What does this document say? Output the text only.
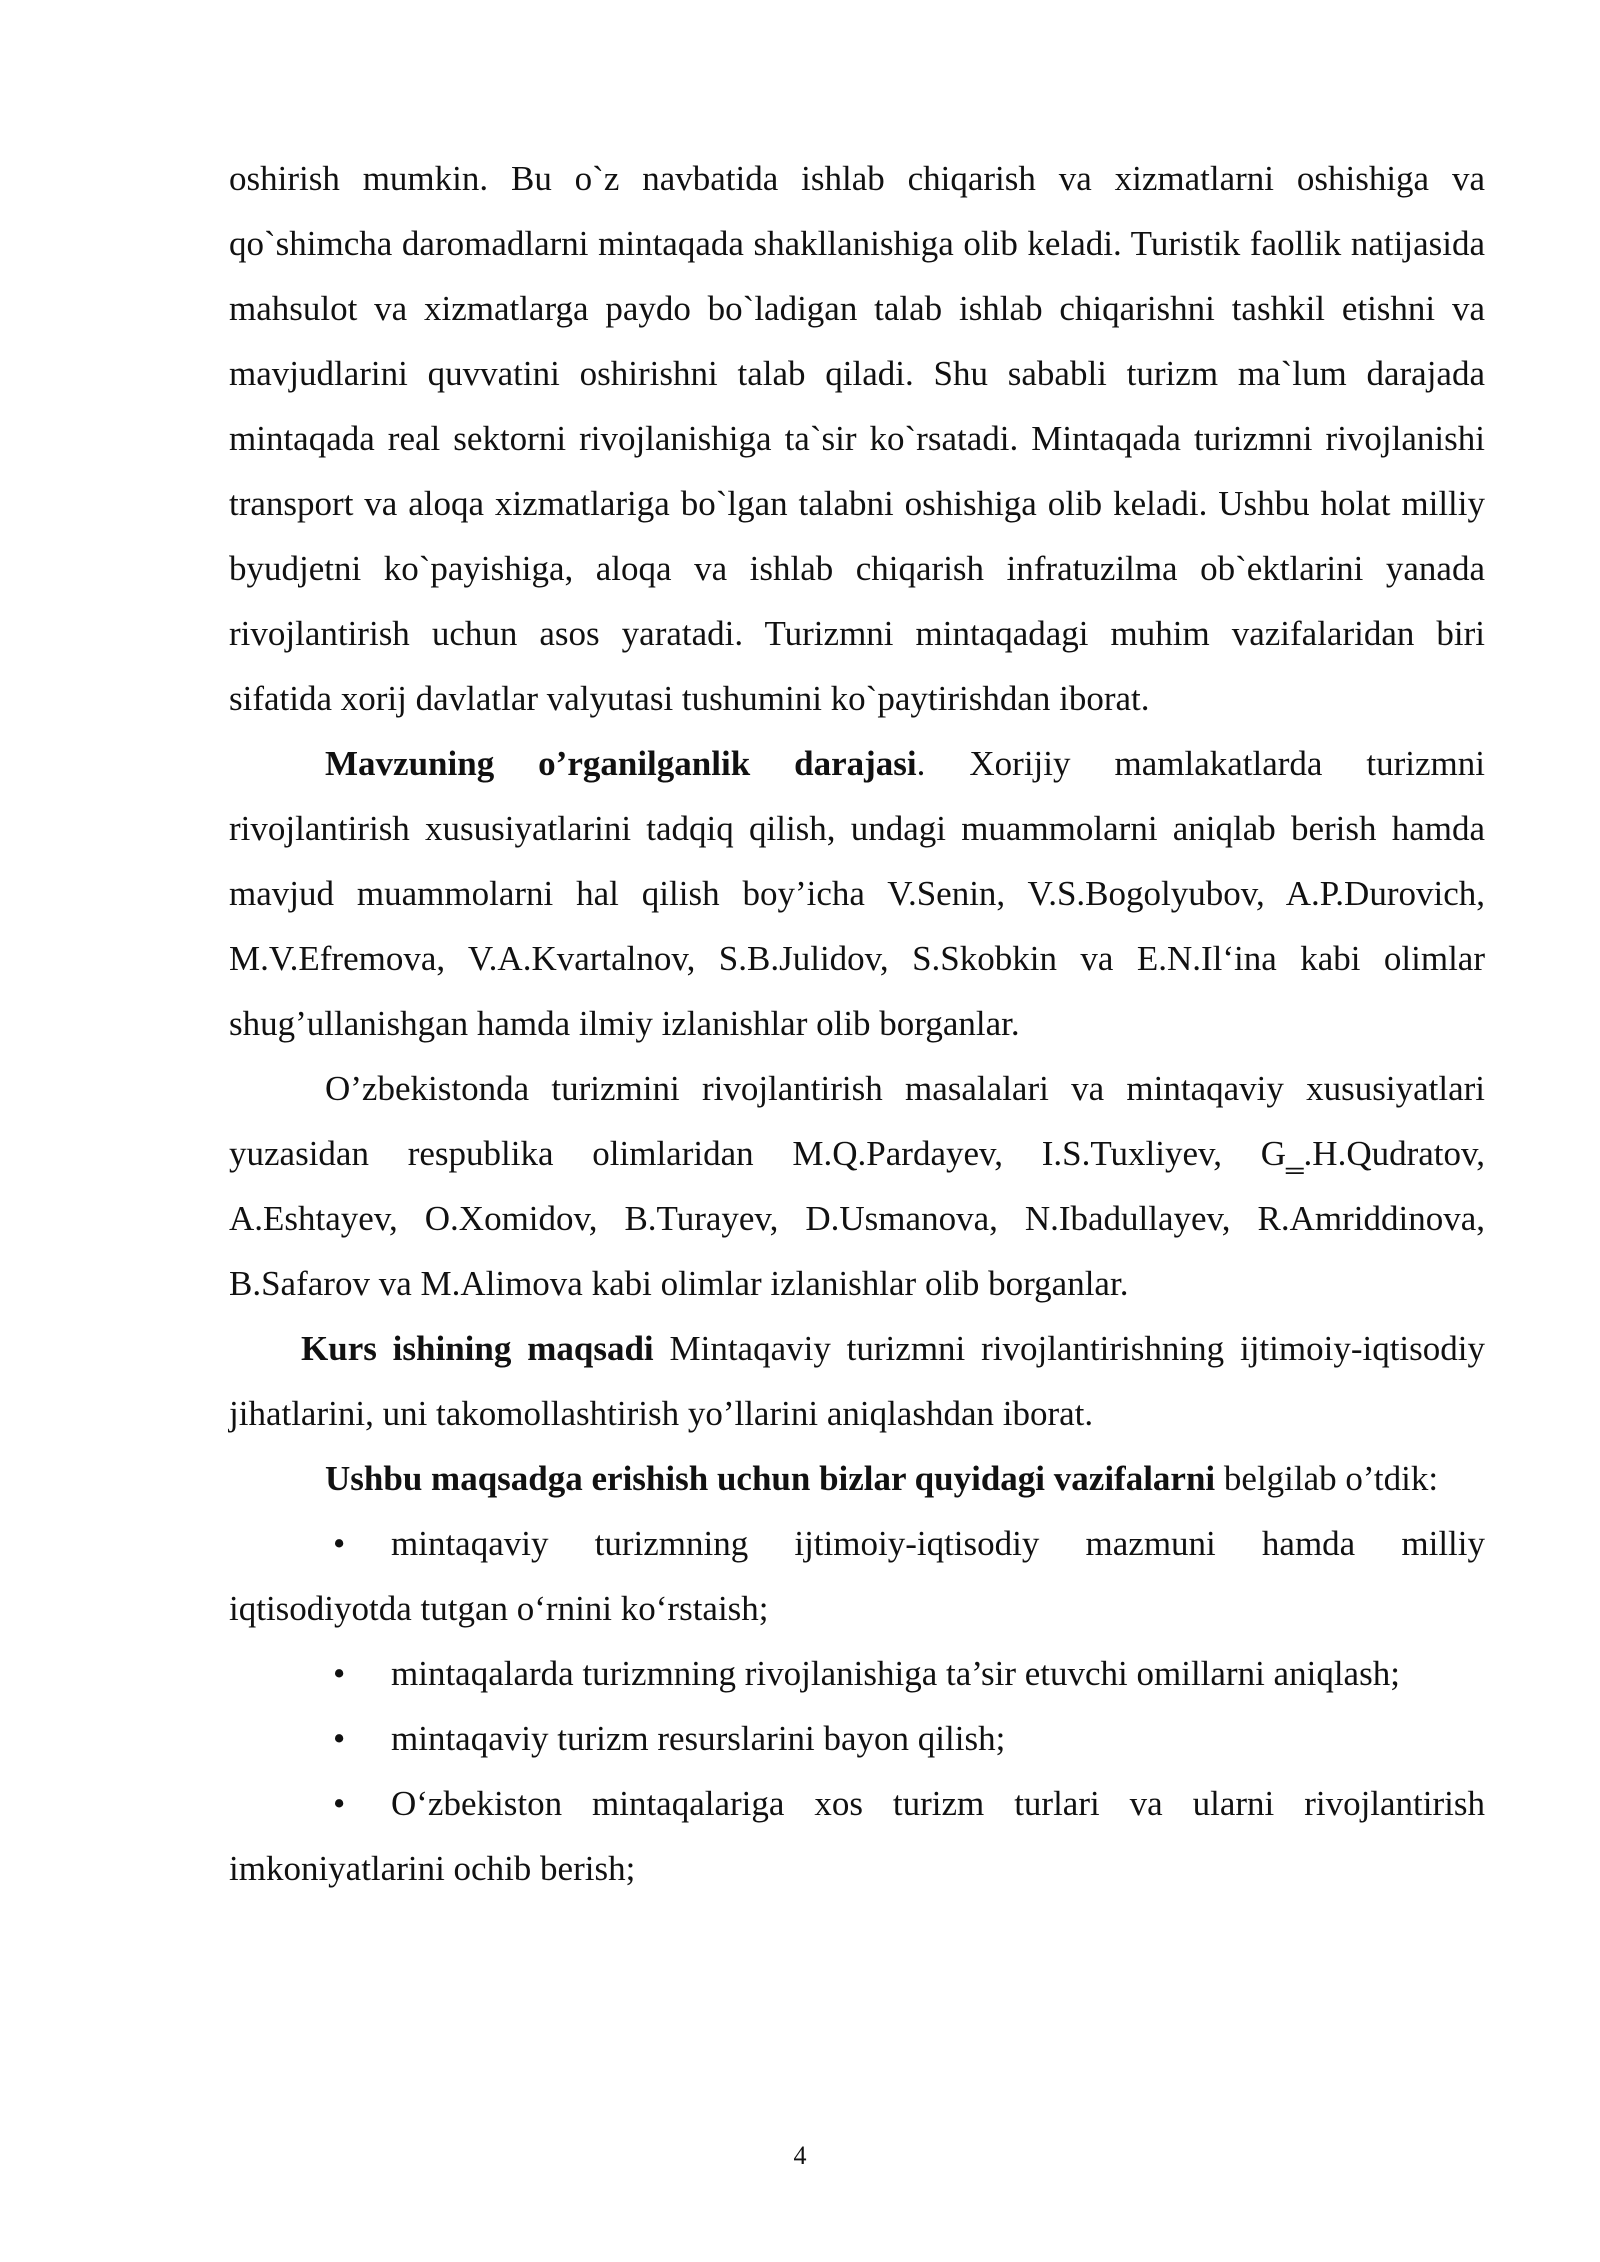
oshirish mumkin. Bu o`z navbatida ishlab chiqarish va xizmatlarni oshishiga va qo`shimcha daromadlarni mintaqada shakllanishiga olib keladi. Turistik faollik natijasida mahsulot va xizmatlarga paydo bo`ladigan talab ishlab chiqarishni tashkil etishni va mavjudlarini quvvatini oshirishni talab qiladi. Shu sababli turizm ma`lum darajada mintaqada real sektorni rivojlanishiga ta`sir ko`rsatadi. Mintaqada turizmni rivojlanishi transport va aloqa xizmatlariga bo`lgan talabni oshishiga olib keladi. Ushbu holat milliy byudjetni ko`payishiga, aloqa va ishlab chiqarish infratuzilma ob`ektlarini yanada rivojlantirish uchun asos yaratadi. Turizmni mintaqadagi muhim vazifalaridan biri sifatida xorij davlatlar valyutasi tushumini ko`paytirishdan iborat.

Mavzuning o’rganilganlik darajasi. Xorijiy mamlakatlarda turizmni rivojlantirish xususiyatlarini tadqiq qilish, undagi muammolarni aniqlab berish hamda mavjud muammolarni hal qilish boy’icha V.Senin, V.S.Bogolyubov, A.P.Durovich, M.V.Efremova, V.A.Kvartalnov, S.B.Julidov, S.Skobkin va E.N.Il‘ina kabi olimlar shug’ullanishgan hamda ilmiy izlanishlar olib borganlar.

O’zbekistonda turizmini rivojlantirish masalalari va mintaqaviy xususiyatlari yuzasidan respublika olimlaridan M.Q.Pardayev, I.S.Tuxliyev, G‗.H.Qudratov, A.Eshtayev, O.Xomidov, B.Turayev, D.Usmanova, N.Ibadullayev, R.Amriddinova, B.Safarov va M.Alimova kabi olimlar izlanishlar olib borganlar.

Kurs ishining maqsadi Mintaqaviy turizmni rivojlantirishning ijtimoiy-iqtisodiy jihatlarini, uni takomollashtirish yo’llarini aniqlashdan iborat.

Ushbu maqsadga erishish uchun bizlar quyidagi vazifalarni belgilab o’tdik:

• mintaqaviy turizmning ijtimoiy-iqtisodiy mazmuni hamda milliy iqtisodiyotda tutgan o‘rnini ko‘rstaish;

• mintaqalarda turizmning rivojlanishiga ta’sir etuvchi omillarni aniqlash;

• mintaqaviy turizm resurslarini bayon qilish;

• O‘zbekiston mintaqalariga xos turizm turlari va ularni rivojlantirish imkoniyatlarini ochib berish;

4
